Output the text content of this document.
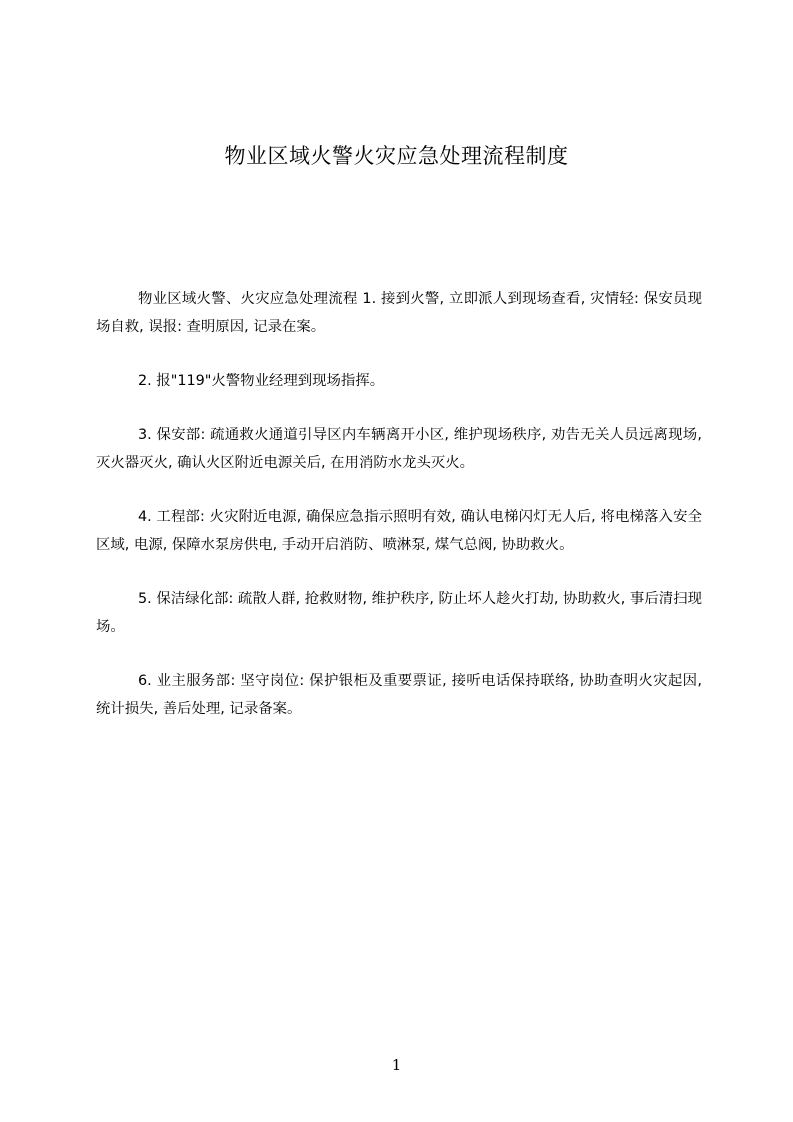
物业区域火警火灾应急处理流程制度

物业区域火警、火灾应急处理流程 1. 接到火警, 立即派人到现场查看, 灾情轻: 保安员现场自救, 误报: 查明原因, 记录在案。

2. 报"119"火警物业经理到现场指挥。

3. 保安部: 疏通救火通道引导区内车辆离开小区, 维护现场秩序, 劝告无关人员远离现场, 灭火器灭火, 确认火区附近电源关后, 在用消防水龙头灭火。

4. 工程部: 火灾附近电源, 确保应急指示照明有效, 确认电梯闪灯无人后, 将电梯落入安全区域, 电源, 保障水泵房供电, 手动开启消防、喷淋泵, 煤气总阀, 协助救火。

5. 保洁绿化部: 疏散人群, 抢救财物, 维护秩序, 防止坏人趁火打劫, 协助救火, 事后清扫现场。

6. 业主服务部: 坚守岗位: 保护银柜及重要票证, 接听电话保持联络, 协助查明火灾起因, 统计损失, 善后处理, 记录备案。

1
